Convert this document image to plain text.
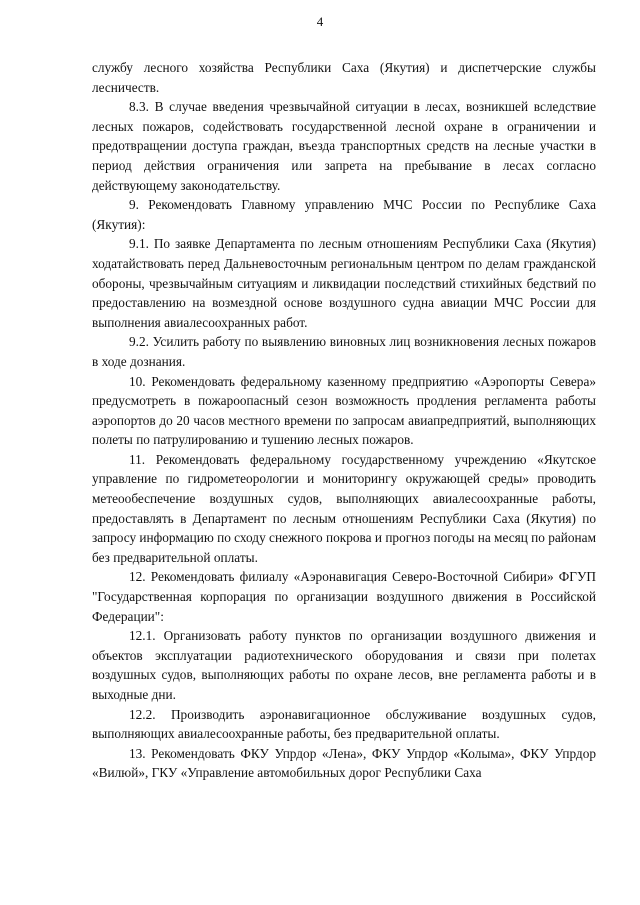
4

службу лесного хозяйства Республики Саха (Якутия) и диспетчерские службы лесничеств.

8.3. В случае введения чрезвычайной ситуации в лесах, возникшей вследствие лесных пожаров, содействовать государственной лесной охране в ограничении и предотвращении доступа граждан, въезда транспортных средств на лесные участки в период действия ограничения или запрета на пребывание в лесах согласно действующему законодательству.

9. Рекомендовать Главному управлению МЧС России по Республике Саха (Якутия):

9.1. По заявке Департамента по лесным отношениям Республики Саха (Якутия) ходатайствовать перед Дальневосточным региональным центром по делам гражданской обороны, чрезвычайным ситуациям и ликвидации последствий стихийных бедствий по предоставлению на возмездной основе воздушного судна авиации МЧС России для выполнения авиалесоохранных работ.

9.2. Усилить работу по выявлению виновных лиц возникновения лесных пожаров в ходе дознания.

10. Рекомендовать федеральному казенному предприятию «Аэропорты Севера» предусмотреть в пожароопасный сезон возможность продления регламента работы аэропортов до 20 часов местного времени по запросам авиапредприятий, выполняющих полеты по патрулированию и тушению лесных пожаров.

11. Рекомендовать федеральному государственному учреждению «Якутское управление по гидрометеорологии и мониторингу окружающей среды» проводить метеообеспечение воздушных судов, выполняющих авиалесоохранные работы, предоставлять в Департамент по лесным отношениям Республики Саха (Якутия) по запросу информацию по сходу снежного покрова и прогноз погоды на месяц по районам без предварительной оплаты.

12. Рекомендовать филиалу «Аэронавигация Северо-Восточной Сибири» ФГУП "Государственная корпорация по организации воздушного движения в Российской Федерации":

12.1. Организовать работу пунктов по организации воздушного движения и объектов эксплуатации радиотехнического оборудования и связи при полетах воздушных судов, выполняющих работы по охране лесов, вне регламента работы и в выходные дни.

12.2. Производить аэронавигационное обслуживание воздушных судов, выполняющих авиалесоохранные работы, без предварительной оплаты.

13. Рекомендовать ФКУ Упрдор «Лена», ФКУ Упрдор «Колыма», ФКУ Упрдор «Вилюй», ГКУ «Управление автомобильных дорог Республики Саха
